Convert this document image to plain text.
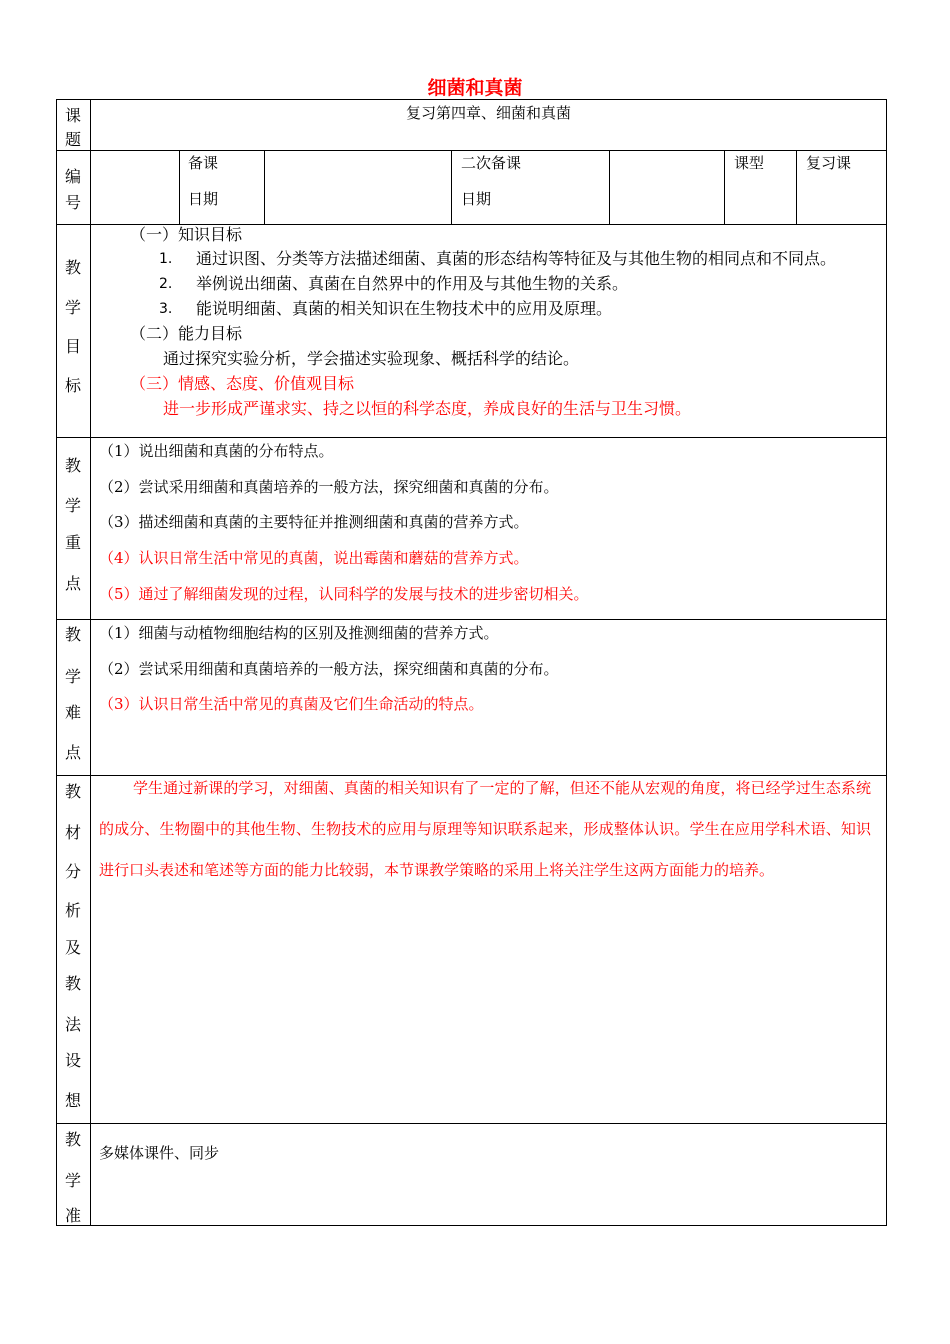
细菌和真菌
课
题
复习第四章、细菌和真菌
编
号
备课
日期
二次备课
日期
课型	复习课
教
学
目
标
（一）知识目标
1. 通过识图、分类等方法描述细菌、真菌的形态结构等特征及与其他生物的相同点和不同点。
2. 举例说出细菌、真菌在自然界中的作用及与其他生物的关系。
3. 能说明细菌、真菌的相关知识在生物技术中的应用及原理。
（二）能力目标
通过探究实验分析，学会描述实验现象、概括科学的结论。
（三）情感、态度、价值观目标
进一步形成严谨求实、持之以恒的科学态度，养成良好的生活与卫生习惯。
教
学
重
点
（1）说出细菌和真菌的分布特点。
（2）尝试采用细菌和真菌培养的一般方法，探究细菌和真菌的分布。
（3）描述细菌和真菌的主要特征并推测细菌和真菌的营养方式。
（4）认识日常生活中常见的真菌，说出霉菌和蘑菇的营养方式。
（5）通过了解细菌发现的过程，认同科学的发展与技术的进步密切相关。
教
学
难
点
（1）细菌与动植物细胞结构的区别及推测细菌的营养方式。
（2）尝试采用细菌和真菌培养的一般方法，探究细菌和真菌的分布。
（3）认识日常生活中常见的真菌及它们生命活动的特点。
教
材
分
析
及
教
法
设
想
学生通过新课的学习，对细菌、真菌的相关知识有了一定的了解，但还不能从宏观的角度，将已经学过生态系统的成分、生物圈中的其他生物、生物技术的应用与原理等知识联系起来，形成整体认识。学生在应用学科术语、知识进行口头表述和笔述等方面的能力比较弱，本节课教学策略的采用上将关注学生这两方面能力的培养。
教
学
准
多媒体课件、同步
